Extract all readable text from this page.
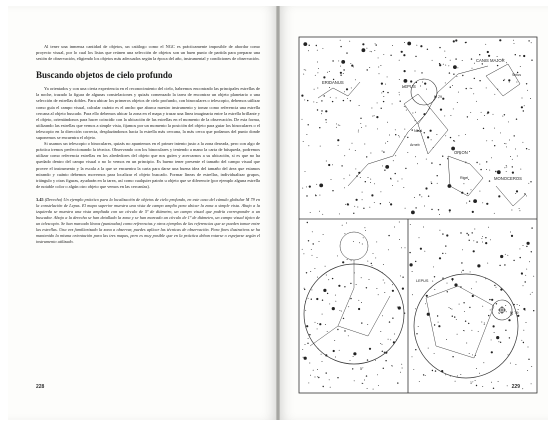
Al tener una inmensa cantidad de objetos, un catálogo como el NGC es prácticamente imposible de abordar como proyecto visual, por lo cual los listas que reúnen una selección de objetos son un buen punto de partida para preparar una sesión de observación, eligiendo los objetos más adecuados según la época del año, instrumental y condiciones de observación.

Buscando objetos de cielo profundo

Ya orientados y con una cierta experiencia en el reconocimiento del cielo, habremos encontrado las principales estrellas de la noche, trazado la figura de algunas constelaciones y quizás comenzado la tarea de encontrar un objeto planetario o una selección de estrellas dobles. Para ubicar los primeros objetos de cielo profundo, con binoculares o telescopio, debemos utilizar como guía el campo visual, calcular cuánto es el ancho que abarca nuestro instrumento y tomar como referencia una estrella cercana al objeto buscado. Para ello debemos ubicar la zona en el mapa y trazar una línea imaginaria entre la estrella brillante y el objeto, orientándonos para hacer coincidir con la ubicación de las estrellas en el momento de la observación. De esta forma, utilizando las estrellas que vemos a simple vista, fijamos por un momento la posición del objeto para guiar los binoculares o el telescopio en la dirección correcta, desplazándonos hacia la estrella más cercana, la más cerca que podamos del punto donde suponemos se encuentra el objeto.

Si usamos un telescopio o binoculares, quizás no apuntemos en el primer intento justo a la zona deseada, pero con algo de práctica iremos perfeccionando la técnica. Observando con los binoculares y teniendo a mano la carta de búsqueda, podremos utilizar como referencia estrellas en los alrededores del objeto que nos guíen y acercarnos a su ubicación, si es que no ha quedado dentro del campo visual o no lo vemos en un principio. Es bueno tener presente el tamaño del campo visual que provee el instrumento y la escala a la que se encuentra la carta para darse una buena idea del tamaño del área que estamos mirando y cuánto debemos movernos para localizar el objeto buscado. Formar líneas de estrellas, individualizar grupos, triángulo y otras figuras, ayudarán en la tarea, así como cualquier patrón u objeto que se diferencie (por ejemplo alguna estrella de notable color o algún otro objeto que vemos en las cercanías).

3.45 (Derecha) Un ejemplo práctico para la localización de objetos de cielo profundo, en este caso del cúmulo globular M 79 en la constelación de Lepus. El mapa superior muestra una vista de campo amplio para ubicar la zona a simple vista. Abajo a la izquierda se muestra una vista ampliada con un círculo de 5º de diámetro, un campo visual que podría corresponder a un buscador. Abajo a la derecha se han detallado la zona y se han marcado un círculo de 1º de diámetro, un campo visual típico de un telescopio. Se han marcado líneas (punteadas) como referencias y otros ejemplos de las referencias que se pueden tomar entre las estrellas. Una vez familiarizado la zona a observar, puedes aplicar las técnicas de observación. Para fines ilustrativos se ha mantenido la misma orientación para las tres mapas, pero es muy posible que en la práctica deban rotarse o espejarse según el instrumento utilizado.
228
ERIDANUS
LEPUS
CANIS MAJOR
ORION
MONOCEROS
Rigel
M 79
Nihal
Arneb
Sirius
LEPUS
M 79
5°
1°
229
